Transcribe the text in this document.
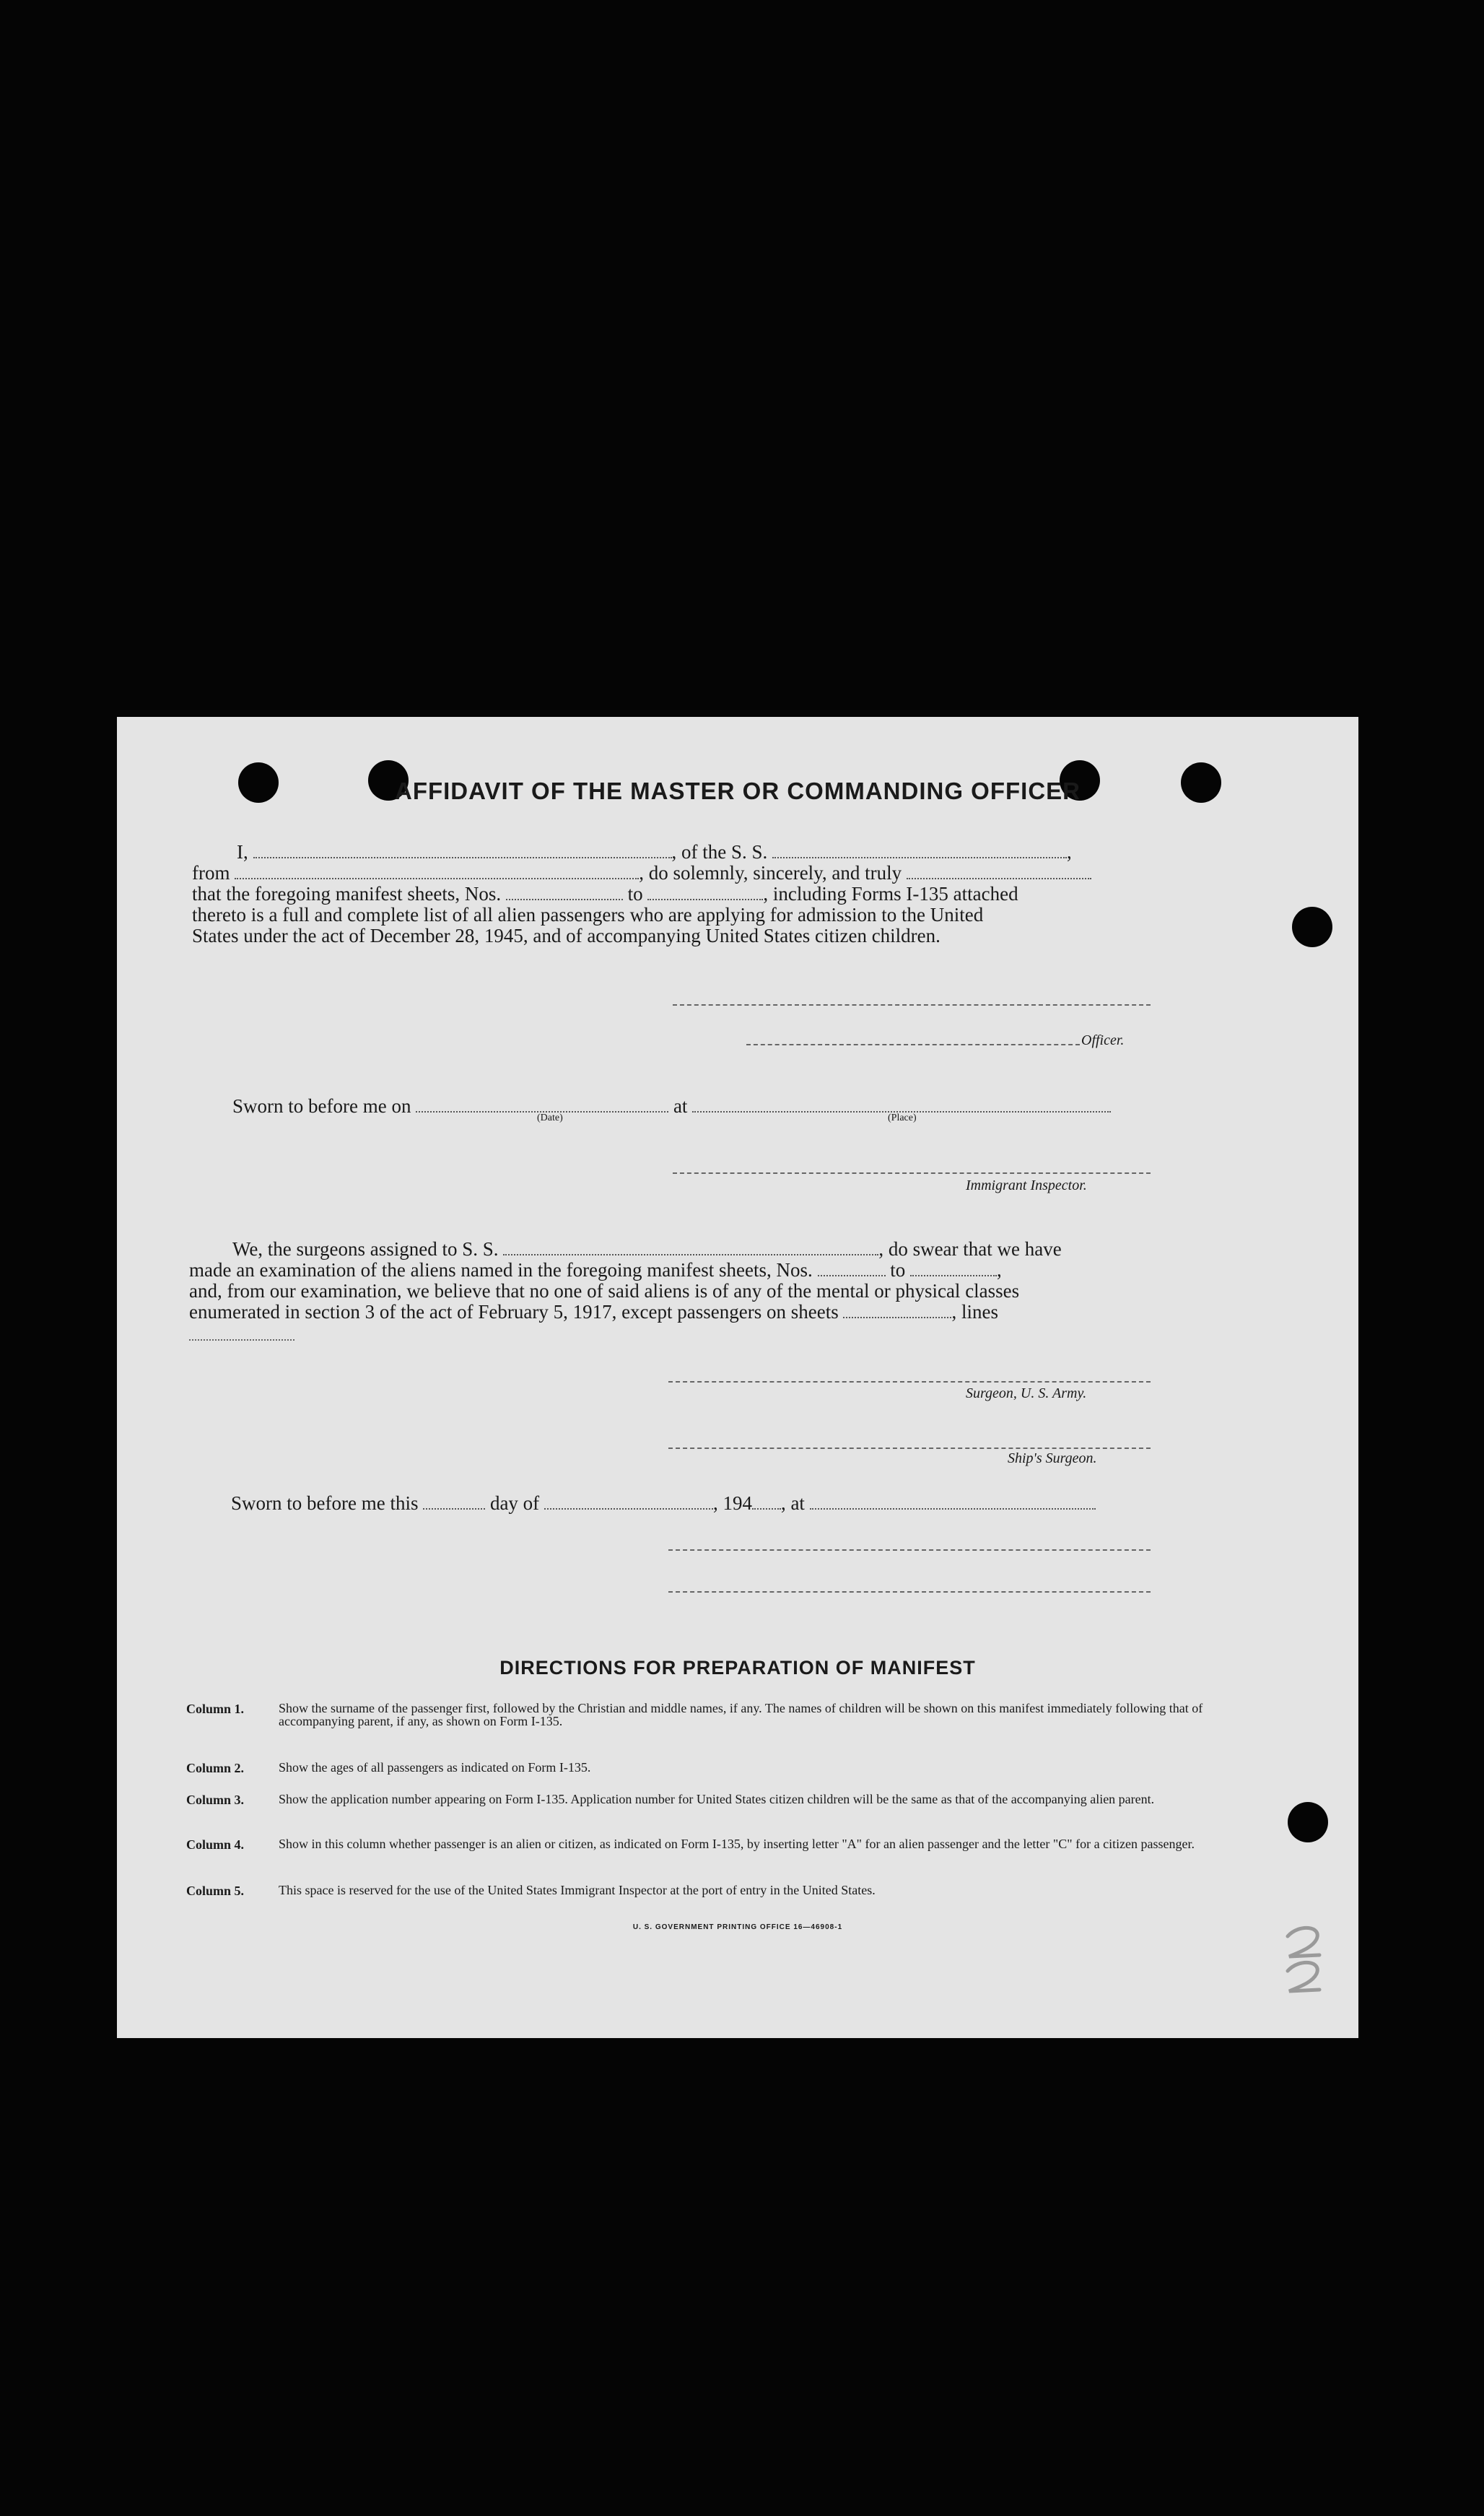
AFFIDAVIT OF THE MASTER OR COMMANDING OFFICER
I,	, of the S. S.	,
from	, do solemnly, sincerely, and truly
that the foregoing manifest sheets, Nos.	to	, including Forms I-135 attached
thereto is a full and complete list of all alien passengers who are applying for admission to the United
States under the act of December 28, 1945, and of accompanying United States citizen children.
Officer.
Sworn to before me on	at
(Date)	(Place)
Immigrant Inspector.
We, the surgeons assigned to S. S.	, do swear that we have
made an examination of the aliens named in the foregoing manifest sheets, Nos.	to	,
and, from our examination, we believe that no one of said aliens is of any of the mental or physical classes
enumerated in section 3 of the act of February 5, 1917, except passengers on sheets	, lines
Surgeon, U. S. Army.
Ship's Surgeon.
Sworn to before me this	day of	, 194 , at
DIRECTIONS FOR PREPARATION OF MANIFEST
Column 1.	Show the surname of the passenger first, followed by the Christian and middle names, if any. The names of children will be shown on this manifest immediately following that of accompanying parent, if any, as shown on Form I-135.
Column 2.	Show the ages of all passengers as indicated on Form I-135.
Column 3.	Show the application number appearing on Form I-135. Application number for United States citizen children will be the same as that of the accompanying alien parent.
Column 4.	Show in this column whether passenger is an alien or citizen, as indicated on Form I-135, by inserting letter "A" for an alien passenger and the letter "C" for a citizen passenger.
Column 5.	This space is reserved for the use of the United States Immigrant Inspector at the port of entry in the United States.
U. S. GOVERNMENT PRINTING OFFICE 16—46908-1
